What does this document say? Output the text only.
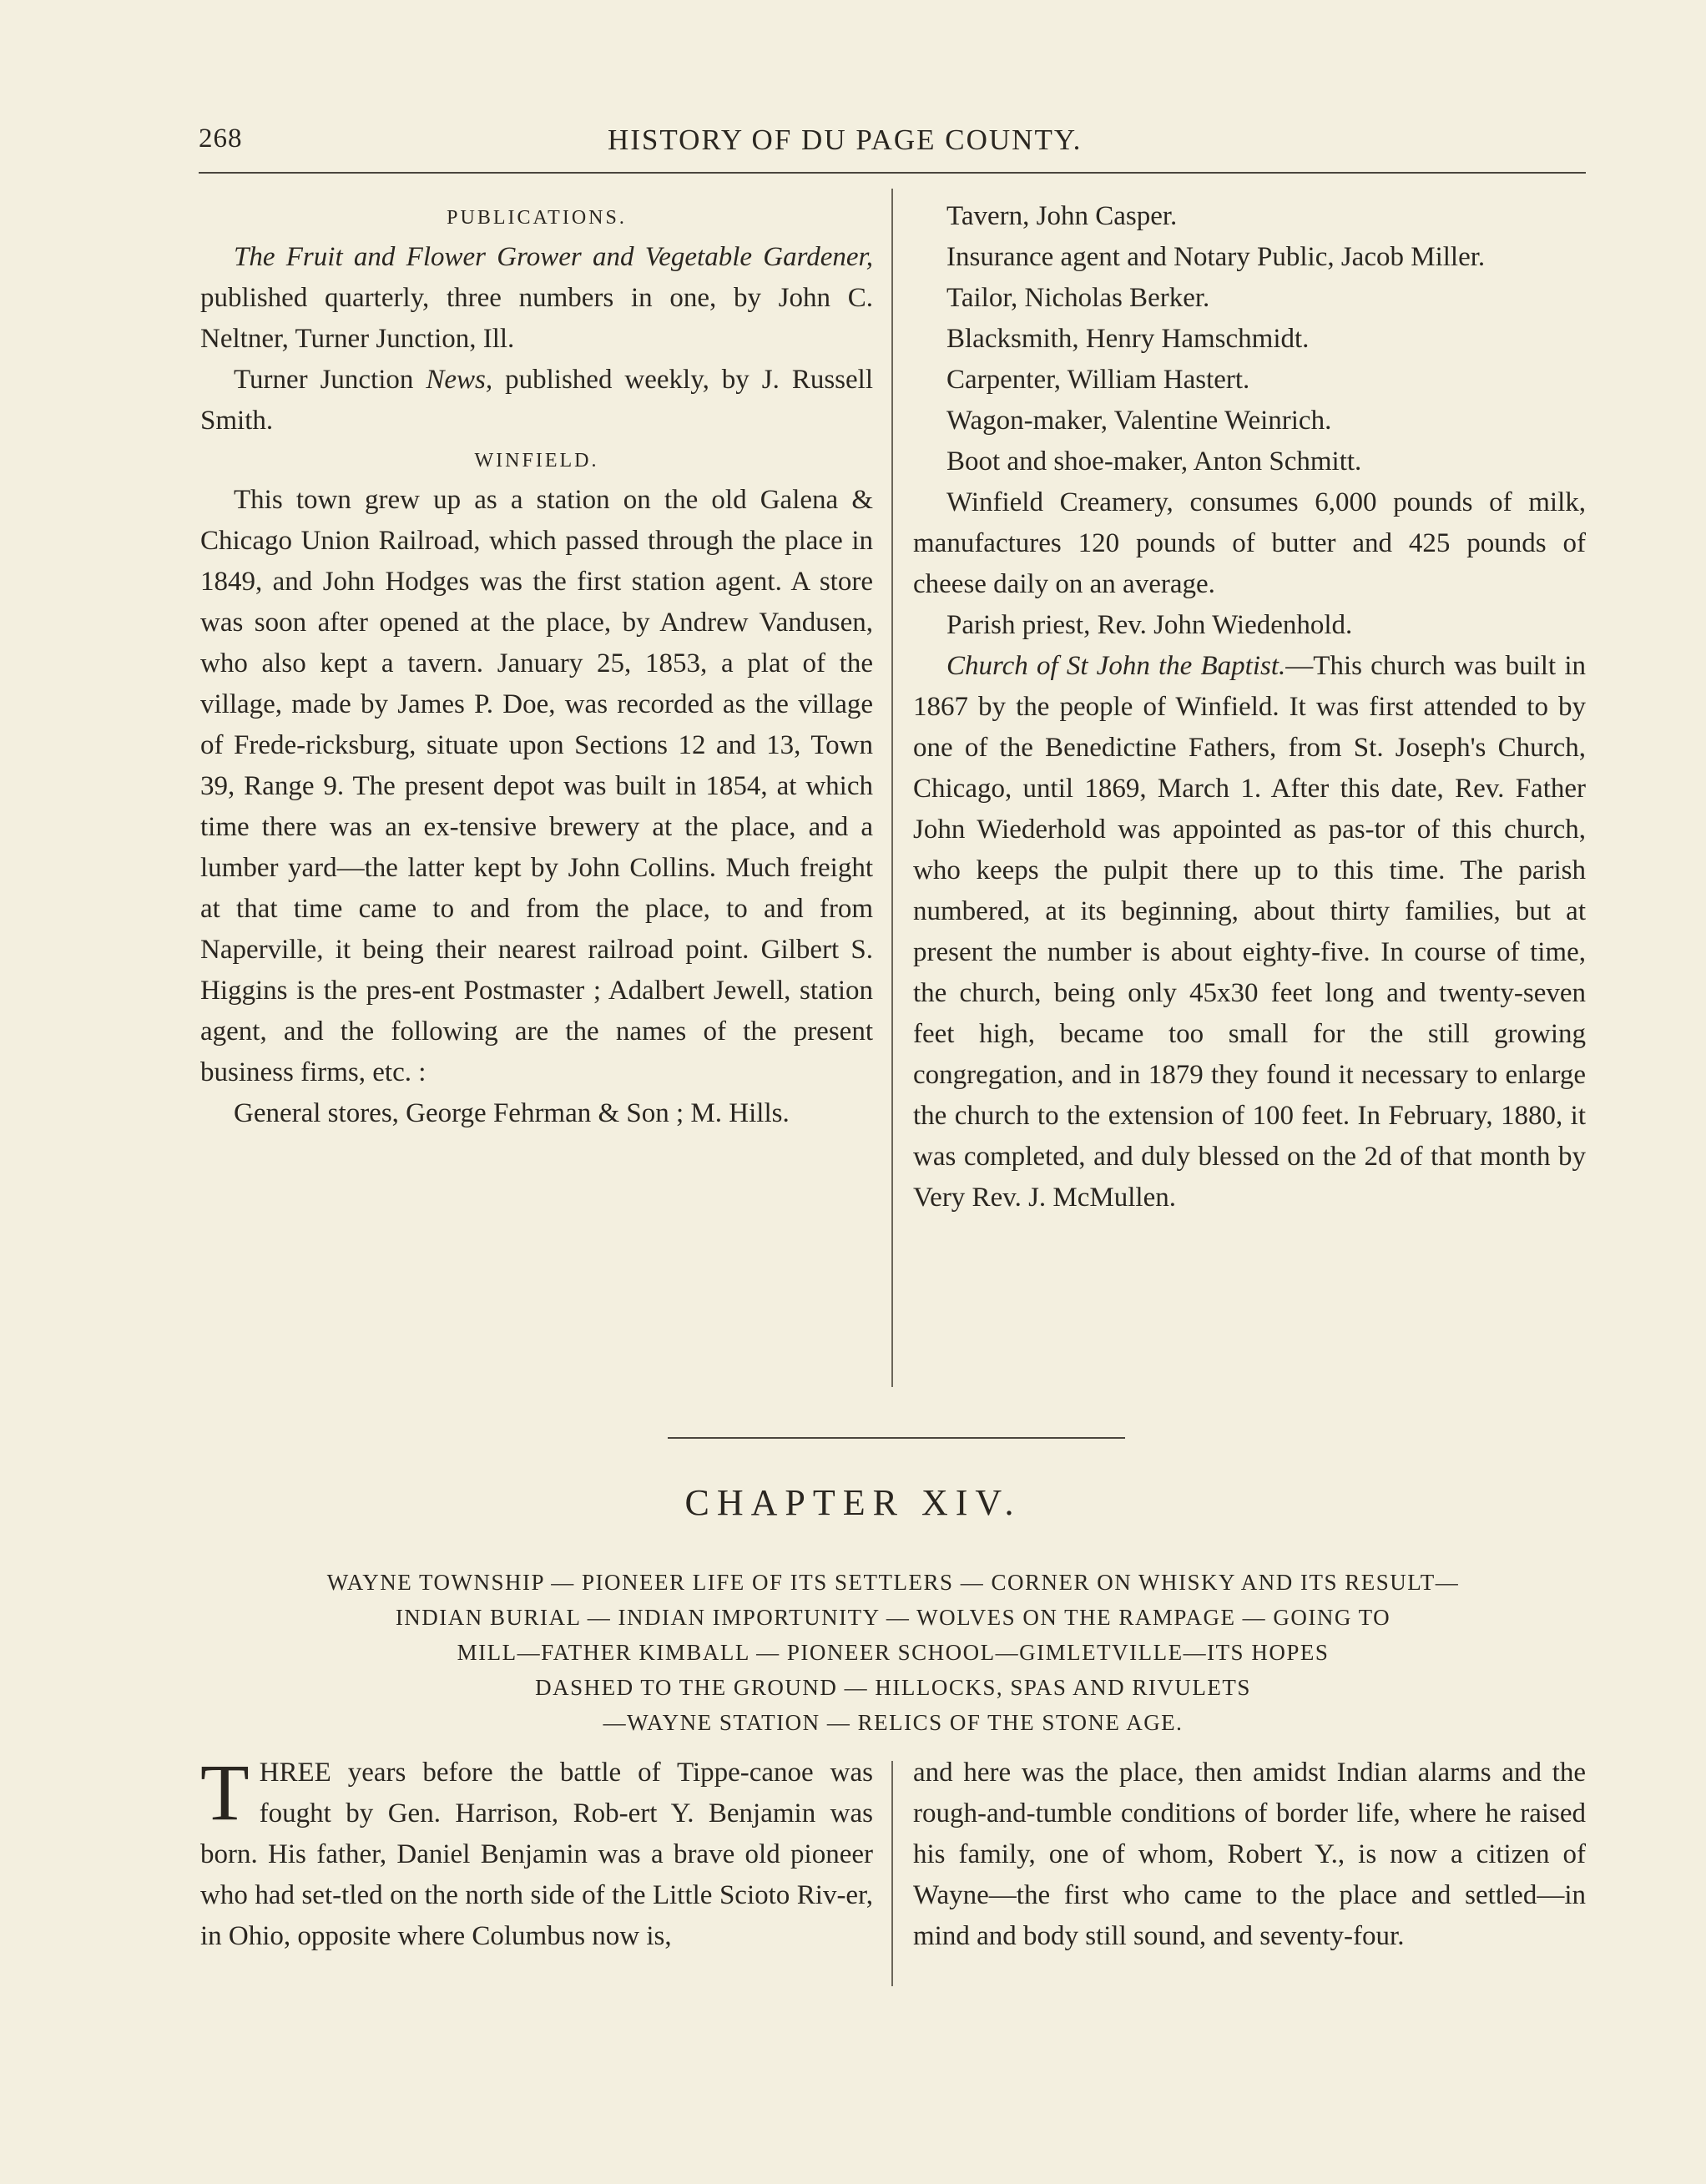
268	HISTORY OF DU PAGE COUNTY.
PUBLICATIONS.

The Fruit and Flower Grower and Vegetable Gardener, published quarterly, three numbers in one, by John C. Neltner, Turner Junction, Ill.

Turner Junction News, published weekly, by J. Russell Smith.

WINFIELD.

This town grew up as a station on the old Galena & Chicago Union Railroad, which passed through the place in 1849, and John Hodges was the first station agent. A store was soon after opened at the place, by Andrew Vandusen, who also kept a tavern. January 25, 1853, a plat of the village, made by James P. Doe, was recorded as the village of Frede-ricksburg, situate upon Sections 12 and 13, Town 39, Range 9. The present depot was built in 1854, at which time there was an ex-tensive brewery at the place, and a lumber yard—the latter kept by John Collins. Much freight at that time came to and from the place, to and from Naperville, it being their nearest railroad point. Gilbert S. Higgins is the pres-ent Postmaster ; Adalbert Jewell, station agent, and the following are the names of the present business firms, etc. :

General stores, George Fehrman & Son ; M. Hills.

Tavern, John Casper.

Insurance agent and Notary Public, Jacob Miller.

Tailor, Nicholas Berker.

Blacksmith, Henry Hamschmidt.

Carpenter, William Hastert.

Wagon-maker, Valentine Weinrich.

Boot and shoe-maker, Anton Schmitt.

Winfield Creamery, consumes 6,000 pounds of milk, manufactures 120 pounds of butter and 425 pounds of cheese daily on an average.

Parish priest, Rev. John Wiedenhold.

Church of St John the Baptist.—This church was built in 1867 by the people of Winfield. It was first attended to by one of the Benedictine Fathers, from St. Joseph's Church, Chicago, until 1869, March 1. After this date, Rev. Father John Wiederhold was appointed as pas-tor of this church, who keeps the pulpit there up to this time. The parish numbered, at its beginning, about thirty families, but at present the number is about eighty-five. In course of time, the church, being only 45x30 feet long and twenty-seven feet high, became too small for the still growing congregation, and in 1879 they found it necessary to enlarge the church to the extension of 100 feet. In February, 1880, it was completed, and duly blessed on the 2d of that month by Very Rev. J. McMullen.

CHAPTER XIV.
WAYNE TOWNSHIP — PIONEER LIFE OF ITS SETTLERS — CORNER ON WHISKY AND ITS RESULT—
INDIAN BURIAL — INDIAN IMPORTUNITY — WOLVES ON THE RAMPAGE — GOING TO
MILL—FATHER KIMBALL — PIONEER SCHOOL—GIMLETVILLE—ITS HOPES
DASHED TO THE GROUND — HILLOCKS, SPAS AND RIVULETS
—WAYNE STATION — RELICS OF THE STONE AGE.

THREE years before the battle of Tippe-canoe was fought by Gen. Harrison, Rob-ert Y. Benjamin was born. His father, Daniel Benjamin was a brave old pioneer who had set-tled on the north side of the Little Scioto Riv-er, in Ohio, opposite where Columbus now is,

and here was the place, then amidst Indian alarms and the rough-and-tumble conditions of border life, where he raised his family, one of whom, Robert Y., is now a citizen of Wayne—the first who came to the place and settled—in mind and body still sound, and seventy-four.
